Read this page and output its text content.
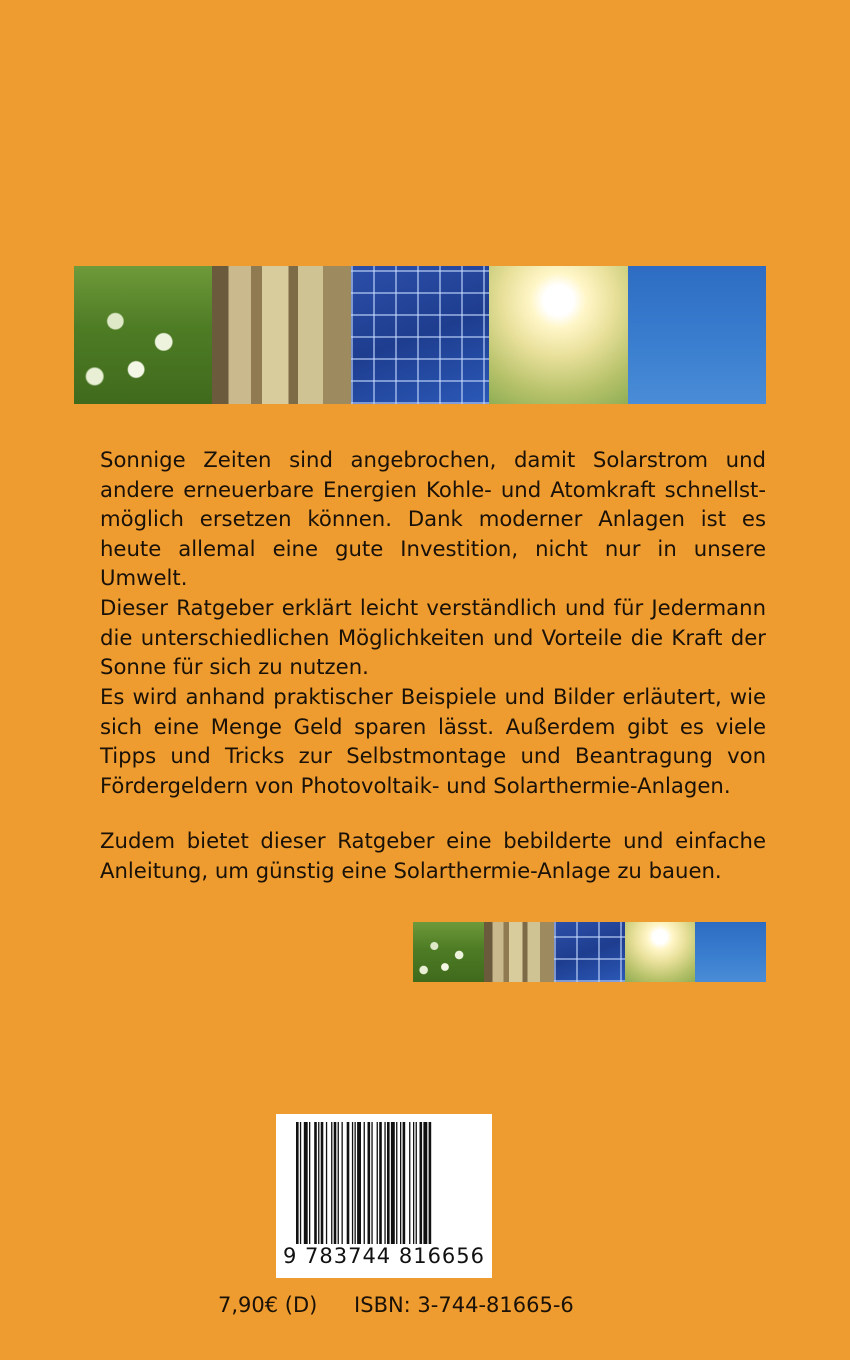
Sonnige Zeiten sind angebrochen, damit Solarstrom und andere erneuerbare Energien Kohle- und Atomkraft schnellst-möglich ersetzen können. Dank moderner Anlagen ist es heute allemal eine gute Investition, nicht nur in unsere Umwelt.

Dieser Ratgeber erklärt leicht verständlich und für Jedermann die unterschiedlichen Möglichkeiten und Vorteile die Kraft der Sonne für sich zu nutzen.

Es wird anhand praktischer Beispiele und Bilder erläutert, wie sich eine Menge Geld sparen lässt. Außerdem gibt es viele Tipps und Tricks zur Selbstmontage und Beantragung von Fördergeldern von Photovoltaik- und Solarthermie-Anlagen.

Zudem bietet dieser Ratgeber eine bebilderte und einfache Anleitung, um günstig eine Solarthermie-Anlage zu bauen.

9 783744 816656
7,90€ (D) ISBN: 3-744-81665-6
